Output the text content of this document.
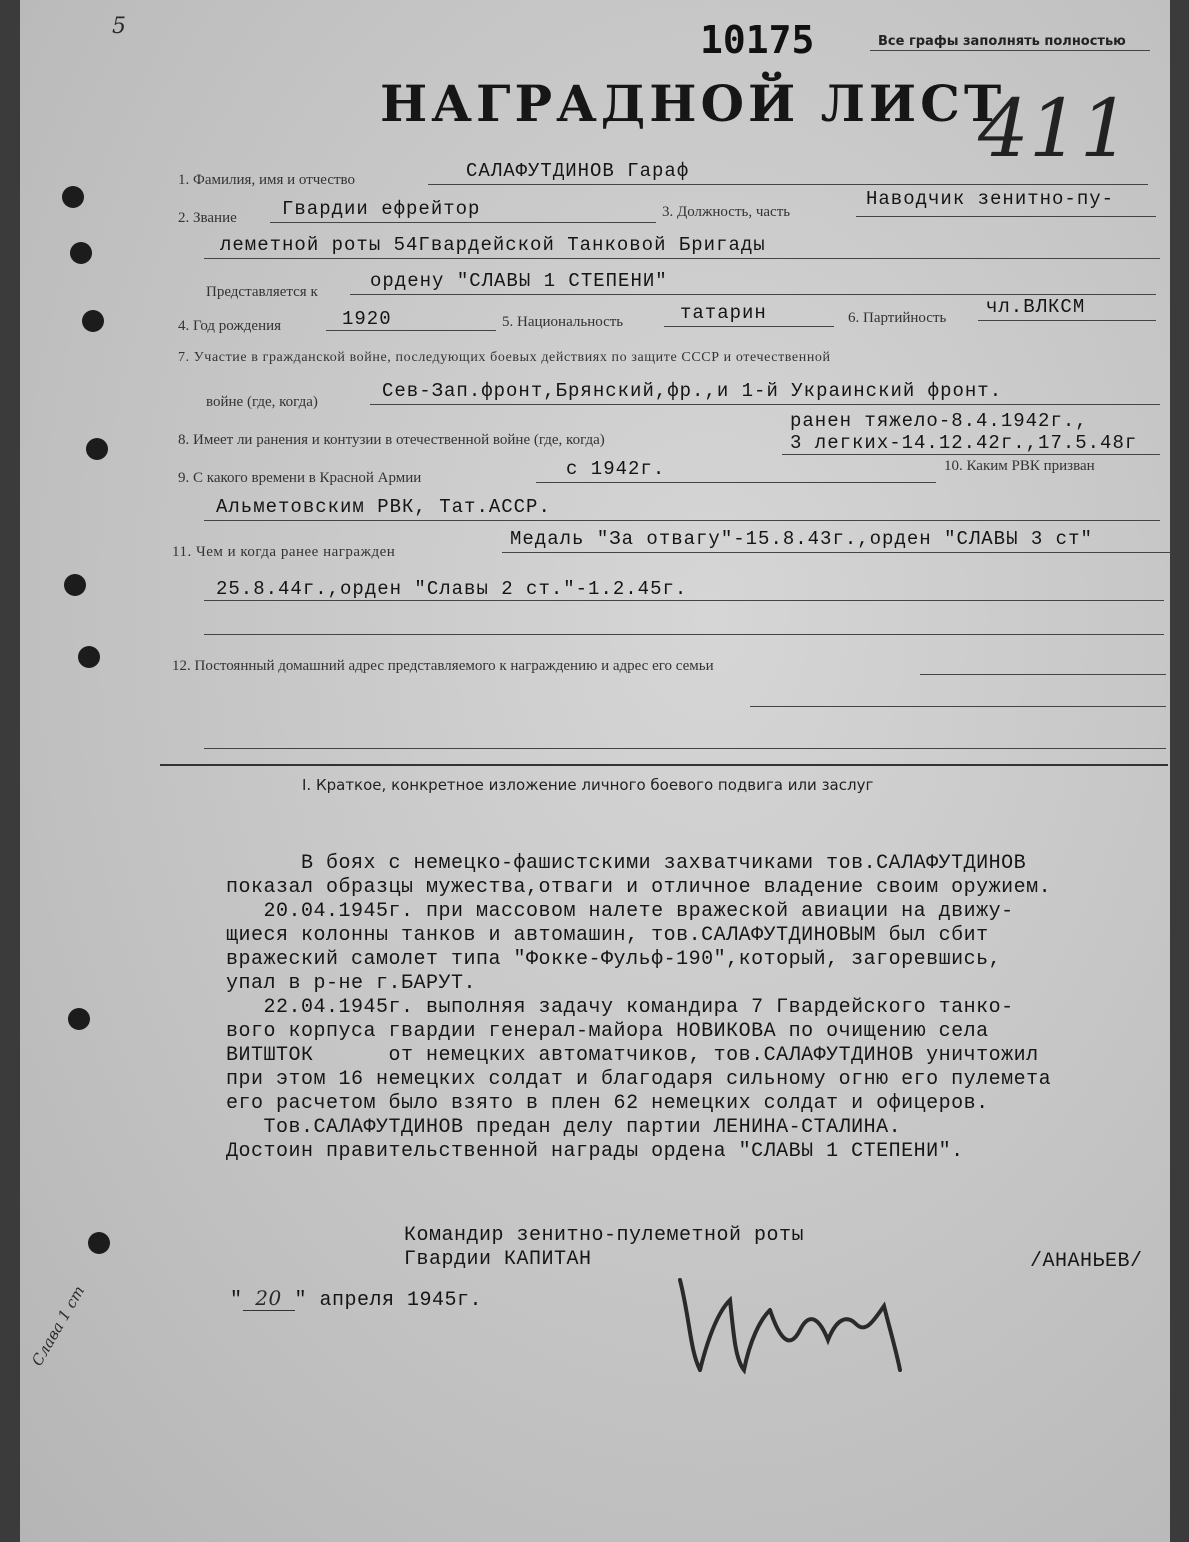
5	10175	Все графы заполнять полностью
НАГРАДНОЙ ЛИСТ
411
1. Фамилия, имя и отчество	САЛАФУТДИНОВ Гараф
2. Звание Гвардии ефрейтор	3. Должность, часть
Наводчик зенитно-пу-
леметной роты 54Гвардейской Танковой Бригады
Представляется к	ордену "СЛАВЫ 1 СТЕПЕНИ"
4. Год рождения	1920	5. Национальность	татарин	6. Партийность чл.ВЛКСМ
7. Участие в гражданской войне, последующих боевых действиях по защите СССР и отечественной
войне (где, когда)	Сев-Зап.фронт,Брянский,фр.,и 1-й Украинский фронт.
8. Имеет ли ранения и контузии в отечественной войне (где, когда)
ранен тяжело-8.4.1942г.,
3 легких-14.12.42г.,17.5.48г
9. С какого времени в Красной Армии	с 1942г.	10. Каким РВК призван
Альметовским РВК, Тат.АССР.
11. Чем и когда ранее награжден
Медаль "За отвагу"-15.8.43г.,орден "СЛАВЫ 3 ст"
25.8.44г.,орден "Славы 2 ст."-1.2.45г.
12. Постоянный домашний адрес представляемого к награждению и адрес его семьи
I. Краткое, конкретное изложение личного боевого подвига или заслуг
В боях с немецко-фашистскими захватчиками тов.САЛАФУТДИНОВ
показал образцы мужества,отваги и отличное владение своим оружием.
20.04.1945г. при массовом налете вражеской авиации на движу-
щиеся колонны танков и автомашин, тов.САЛАФУТДИНОВЫМ был сбит
вражеский самолет типа "Фокке-Фульф-190",который, загоревшись,
упал в р-не г.БАРУТ.
22.04.1945г. выполняя задачу командира 7 Гвардейского танко-
вого корпуса гвардии генерал-майора НОВИКОВА по очищению села
ВИТШТОК      от немецких автоматчиков, тов.САЛАФУТДИНОВ уничтожил
при этом 16 немецких солдат и благодаря сильному огню его пулемета
его расчетом было взято в плен 62 немецких солдат и офицеров.
Тов.САЛАФУТДИНОВ предан делу партии ЛЕНИНА-СТАЛИНА.
Достоин правительственной награды ордена "СЛАВЫ 1 СТЕПЕНИ".
Командир зенитно-пулеметной роты
Гвардии КАПИТАН	/АНАНЬЕВ/
" 20 " апреля 1945г.
Слава 1 ст
